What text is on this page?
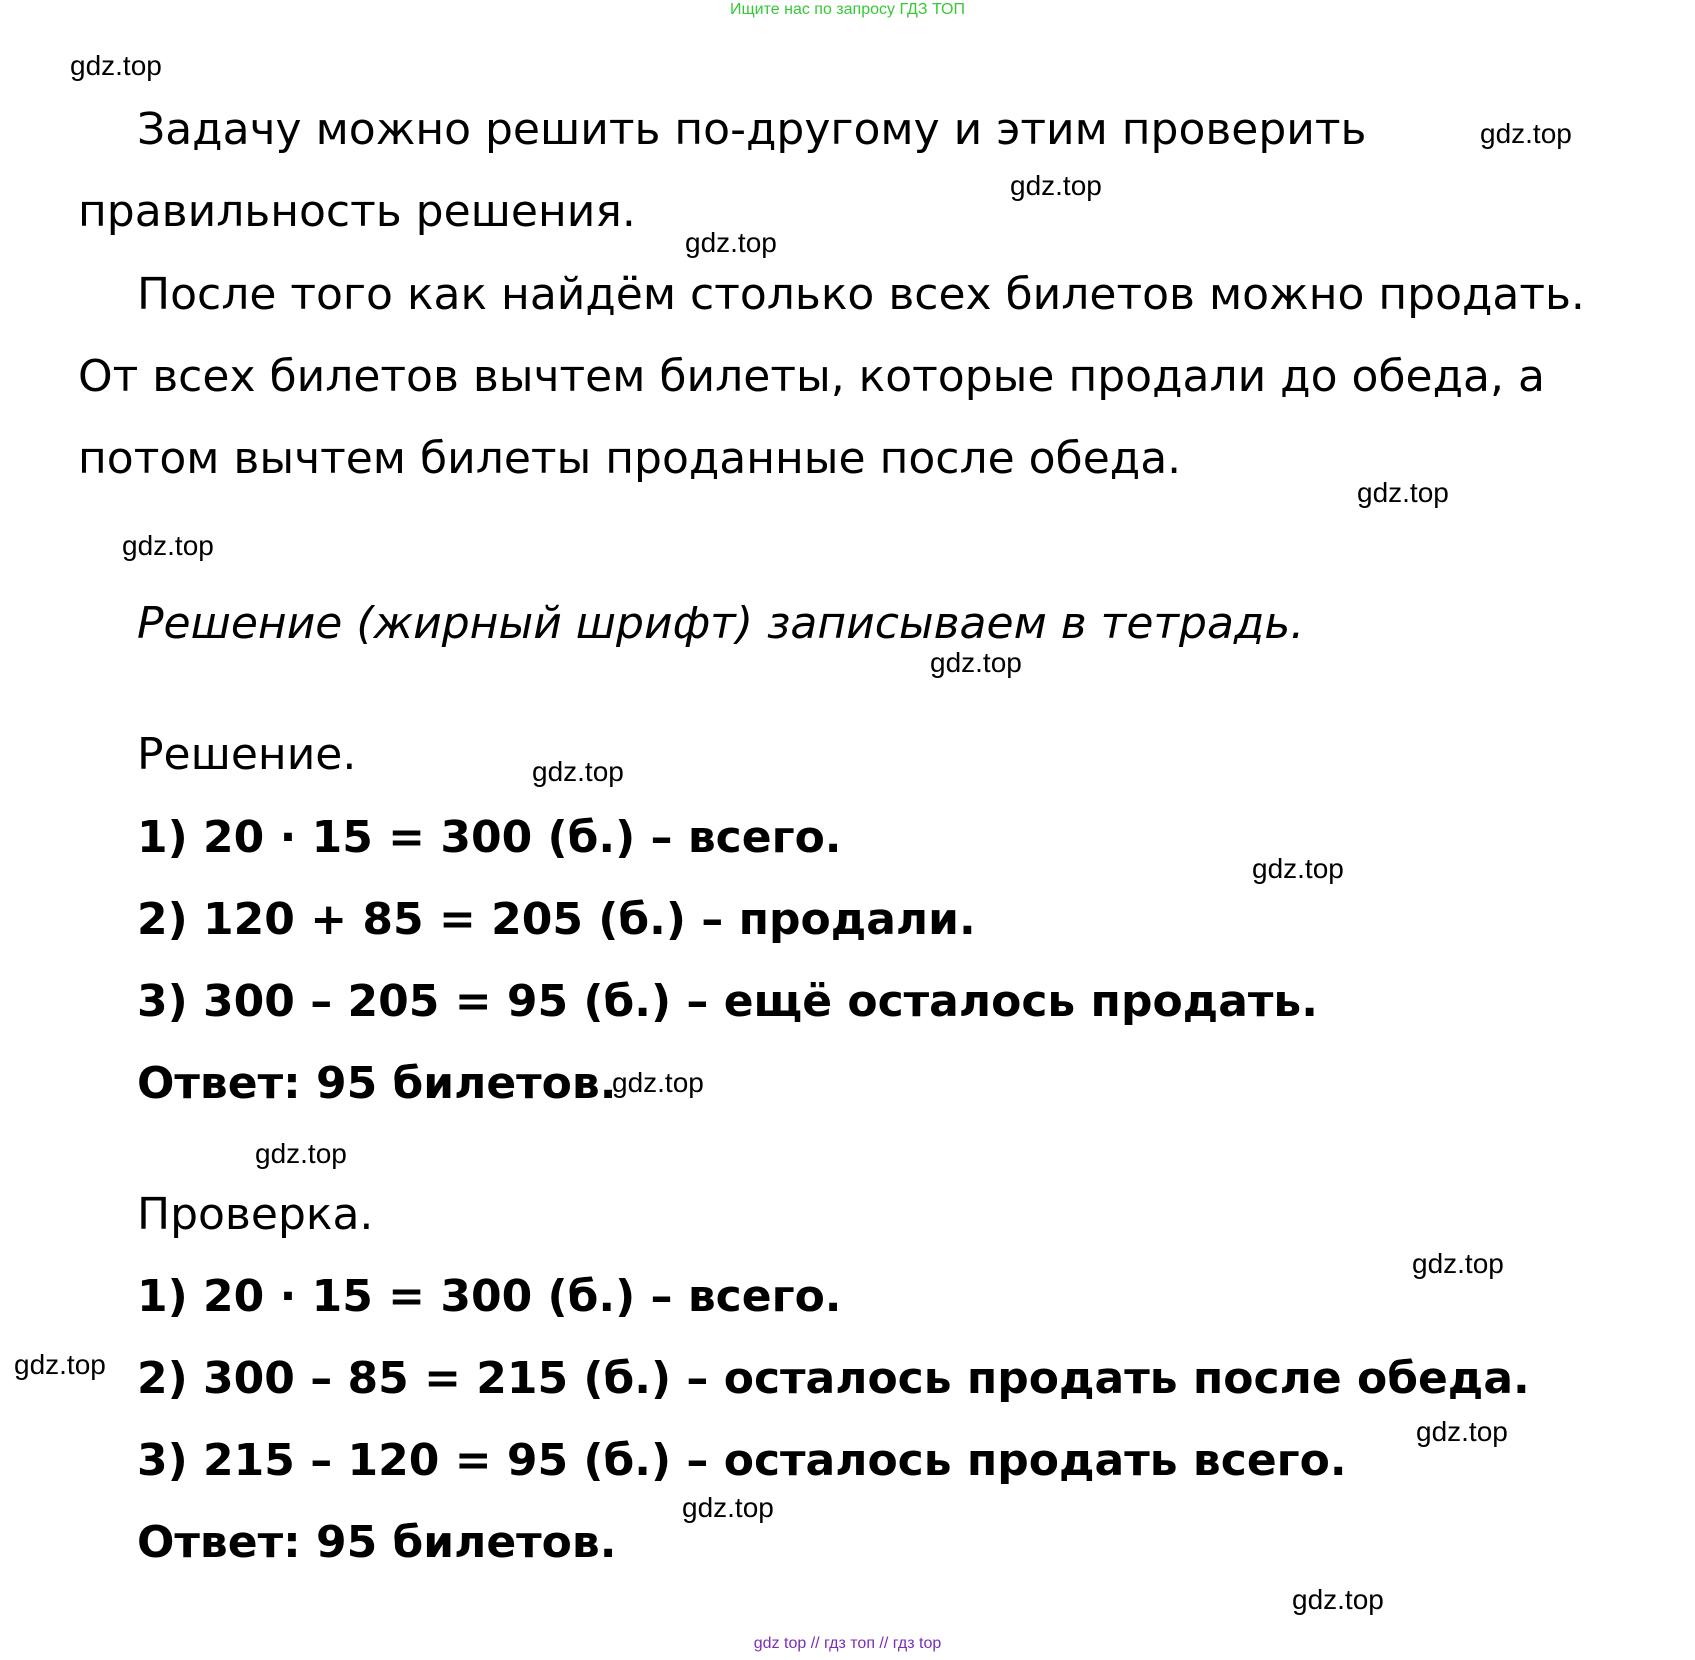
Ищите нас по запросу ГДЗ ТОП
gdz.top
gdz.top
gdz.top
gdz.top
gdz.top
gdz.top
gdz.top
gdz.top
gdz.top
gdz.top
gdz.top
gdz.top
gdz.top
gdz.top
gdz.top
gdz.top
Задачу можно решить по-другому и этим проверить
правильность решения.
После того как найдём столько всех билетов можно продать.
От всех билетов вычтем билеты, которые продали до обеда, а
потом вычтем билеты проданные после обеда.
Решение (жирный шрифт) записываем в тетрадь.
Решение.
1) 20 · 15 = 300 (б.) – всего.
2) 120 + 85 = 205 (б.) – продали.
3) 300 – 205 = 95 (б.) – ещё осталось продать.
Ответ: 95 билетов.
Проверка.
1) 20 · 15 = 300 (б.) – всего.
2) 300 – 85 = 215 (б.) – осталось продать после обеда.
3) 215 – 120 = 95 (б.) – осталось продать всего.
Ответ: 95 билетов.
gdz top // гдз топ // гдз top
